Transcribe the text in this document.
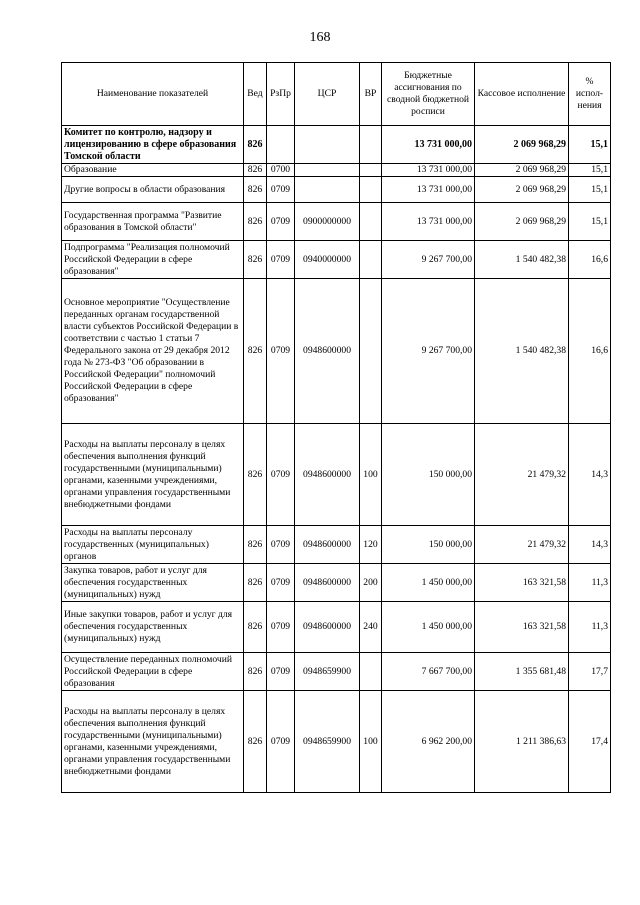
168
Наименование показателей	Вед	РзПр	ЦСР	ВР	Бюджетные ассигнования по сводной бюджетной росписи	Кассовое исполнение	% испол-нения
Комитет по контролю, надзору и лицензированию в сфере образования Томской области	826				13 731 000,00	2 069 968,29	15,1
Образование	826	0700			13 731 000,00	2 069 968,29	15,1
Другие вопросы в области образования	826	0709			13 731 000,00	2 069 968,29	15,1
Государственная программа "Развитие образования в Томской области"	826	0709	0900000000		13 731 000,00	2 069 968,29	15,1
Подпрограмма "Реализация полномочий Российской Федерации в сфере образования"	826	0709	0940000000		9 267 700,00	1 540 482,38	16,6
Основное мероприятие "Осуществление переданных органам государственной власти субъектов Российской Федерации в соответствии с частью 1 статьи 7 Федерального закона от 29 декабря 2012 года № 273-ФЗ "Об образовании в Российской Федерации" полномочий Российской Федерации в сфере образования"	826	0709	0948600000		9 267 700,00	1 540 482,38	16,6
Расходы на выплаты персоналу в целях обеспечения выполнения функций государственными (муниципальными) органами, казенными учреждениями, органами управления государственными внебюджетными фондами	826	0709	0948600000	100	150 000,00	21 479,32	14,3
Расходы на выплаты персоналу государственных (муниципальных) органов	826	0709	0948600000	120	150 000,00	21 479,32	14,3
Закупка товаров, работ и услуг для обеспечения государственных (муниципальных) нужд	826	0709	0948600000	200	1 450 000,00	163 321,58	11,3
Иные закупки товаров, работ и услуг для обеспечения государственных (муниципальных) нужд	826	0709	0948600000	240	1 450 000,00	163 321,58	11,3
Осуществление переданных полномочий Российской Федерации в сфере образования	826	0709	0948659900		7 667 700,00	1 355 681,48	17,7
Расходы на выплаты персоналу в целях обеспечения выполнения функций государственными (муниципальными) органами, казенными учреждениями, органами управления государственными внебюджетными фондами	826	0709	0948659900	100	6 962 200,00	1 211 386,63	17,4
